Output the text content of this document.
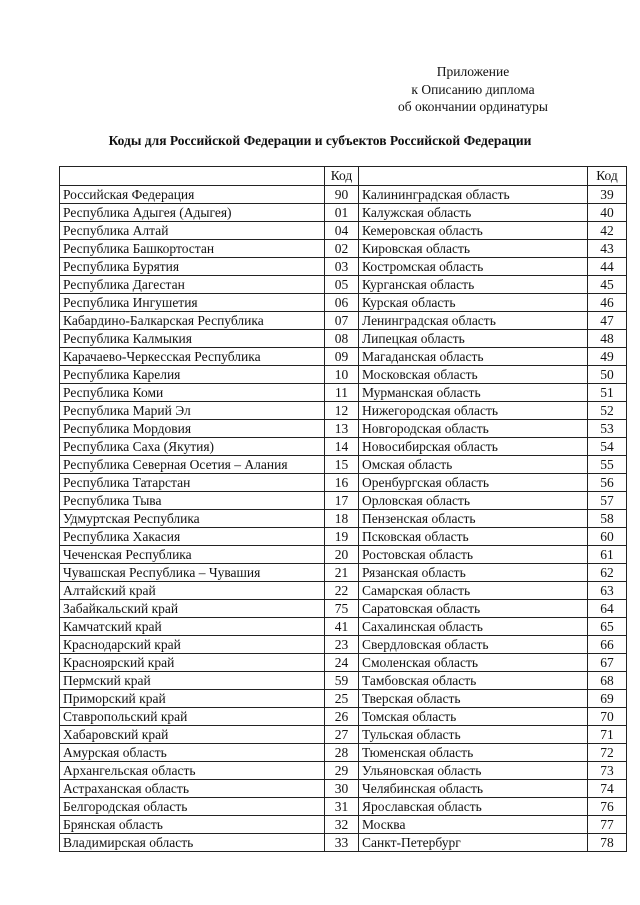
Приложение
к Описанию диплома
об окончании ординатуры
Коды для Российской Федерации и субъектов Российской Федерации
	Код		Код
Российская Федерация	90	Калининградская область	39
Республика Адыгея (Адыгея)	01	Калужская область	40
Республика Алтай	04	Кемеровская область	42
Республика Башкортостан	02	Кировская область	43
Республика Бурятия	03	Костромская область	44
Республика Дагестан	05	Курганская область	45
Республика Ингушетия	06	Курская область	46
Кабардино-Балкарская Республика	07	Ленинградская область	47
Республика Калмыкия	08	Липецкая область	48
Карачаево-Черкесская Республика	09	Магаданская область	49
Республика Карелия	10	Московская область	50
Республика Коми	11	Мурманская область	51
Республика Марий Эл	12	Нижегородская область	52
Республика Мордовия	13	Новгородская область	53
Республика Саха (Якутия)	14	Новосибирская область	54
Республика Северная Осетия – Алания	15	Омская область	55
Республика Татарстан	16	Оренбургская область	56
Республика Тыва	17	Орловская область	57
Удмуртская Республика	18	Пензенская область	58
Республика Хакасия	19	Псковская область	60
Чеченская Республика	20	Ростовская область	61
Чувашская Республика – Чувашия	21	Рязанская область	62
Алтайский край	22	Самарская область	63
Забайкальский край	75	Саратовская область	64
Камчатский край	41	Сахалинская область	65
Краснодарский край	23	Свердловская область	66
Красноярский край	24	Смоленская область	67
Пермский край	59	Тамбовская область	68
Приморский край	25	Тверская область	69
Ставропольский край	26	Томская область	70
Хабаровский край	27	Тульская область	71
Амурская область	28	Тюменская область	72
Архангельская область	29	Ульяновская область	73
Астраханская область	30	Челябинская область	74
Белгородская область	31	Ярославская область	76
Брянская область	32	Москва	77
Владимирская область	33	Санкт-Петербург	78
